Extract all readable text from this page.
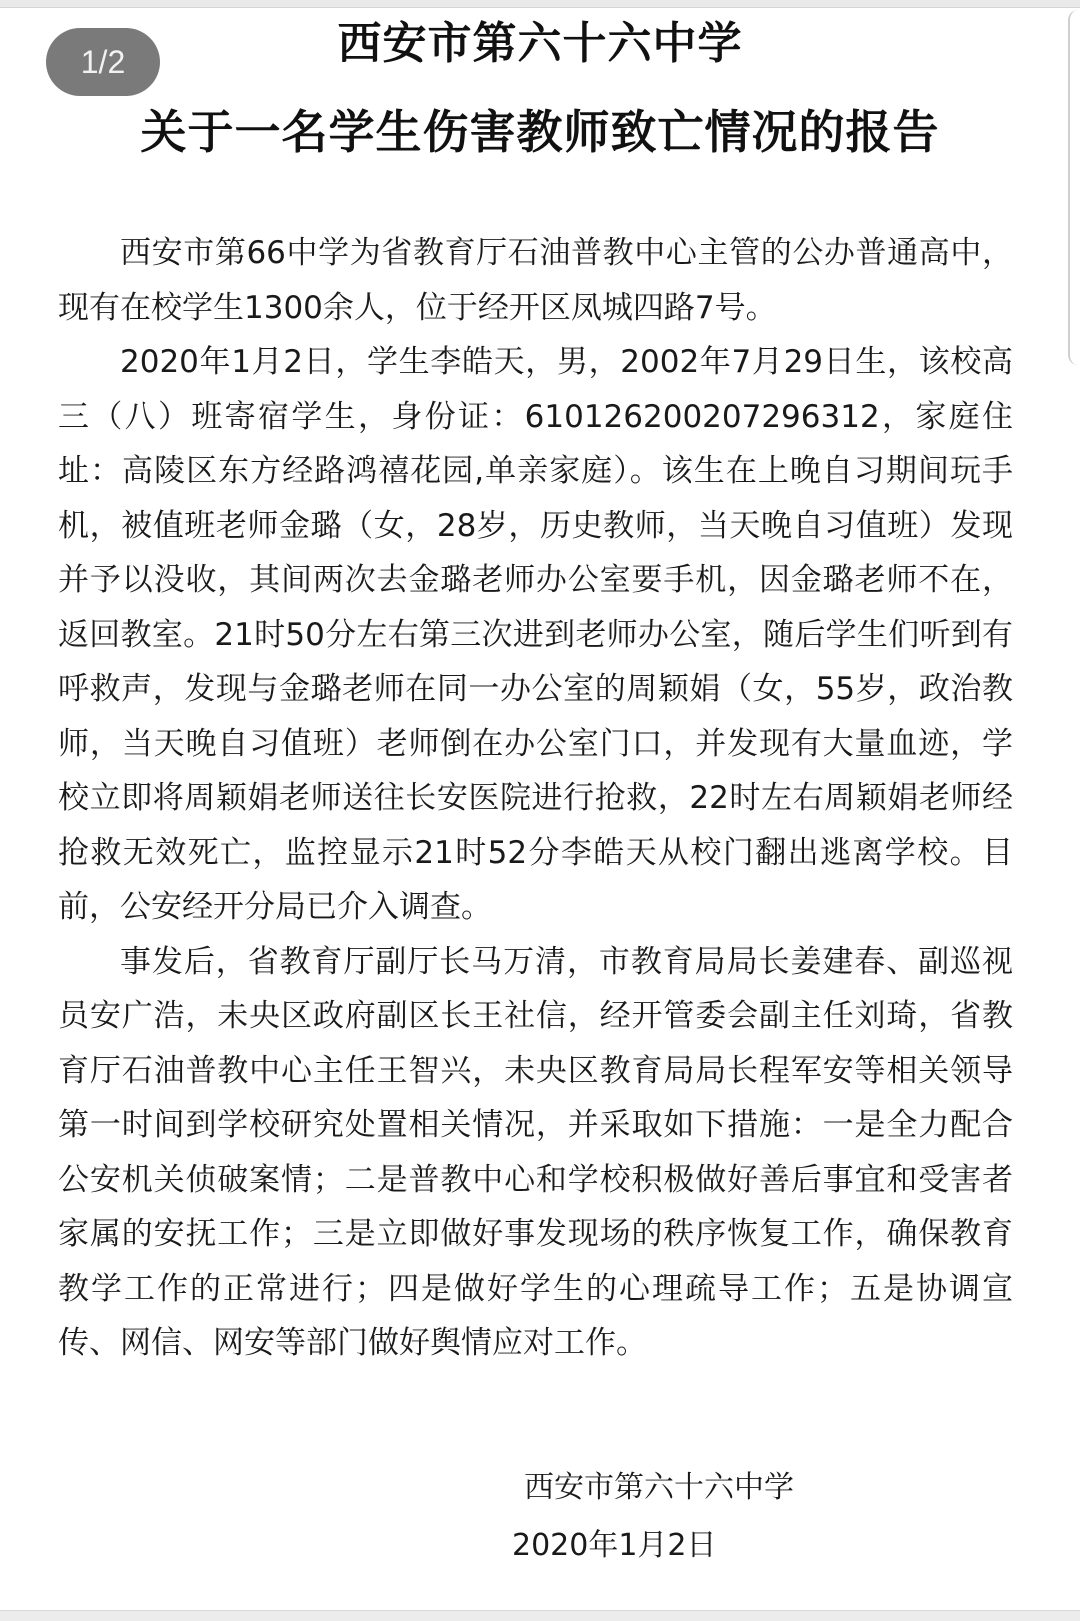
1/2	西安市第六十六中学
关于一名学生伤害教师致亡情况的报告

西安市第66中学为省教育厅石油普教中心主管的公办普通高中，现有在校学生1300余人，位于经开区凤城四路7号。

2020年1月2日，学生李皓天，男，2002年7月29日生，该校高三（八）班寄宿学生，身份证：610126200207296312，家庭住址：高陵区东方经路鸿禧花园,单亲家庭）。该生在上晚自习期间玩手机，被值班老师金璐（女，28岁，历史教师，当天晚自习值班）发现并予以没收，其间两次去金璐老师办公室要手机，因金璐老师不在，返回教室。21时50分左右第三次进到老师办公室，随后学生们听到有呼救声，发现与金璐老师在同一办公室的周颖娟（女，55岁，政治教师，当天晚自习值班）老师倒在办公室门口，并发现有大量血迹，学校立即将周颖娟老师送往长安医院进行抢救，22时左右周颖娟老师经抢救无效死亡，监控显示21时52分李皓天从校门翻出逃离学校。目前，公安经开分局已介入调查。

事发后，省教育厅副厅长马万清，市教育局局长姜建春、副巡视员安广浩，未央区政府副区长王社信，经开管委会副主任刘琦，省教育厅石油普教中心主任王智兴，未央区教育局局长程军安等相关领导第一时间到学校研究处置相关情况，并采取如下措施：一是全力配合公安机关侦破案情；二是普教中心和学校积极做好善后事宜和受害者家属的安抚工作；三是立即做好事发现场的秩序恢复工作，确保教育教学工作的正常进行；四是做好学生的心理疏导工作；五是协调宣传、网信、网安等部门做好舆情应对工作。

西安市第六十六中学
2020年1月2日
